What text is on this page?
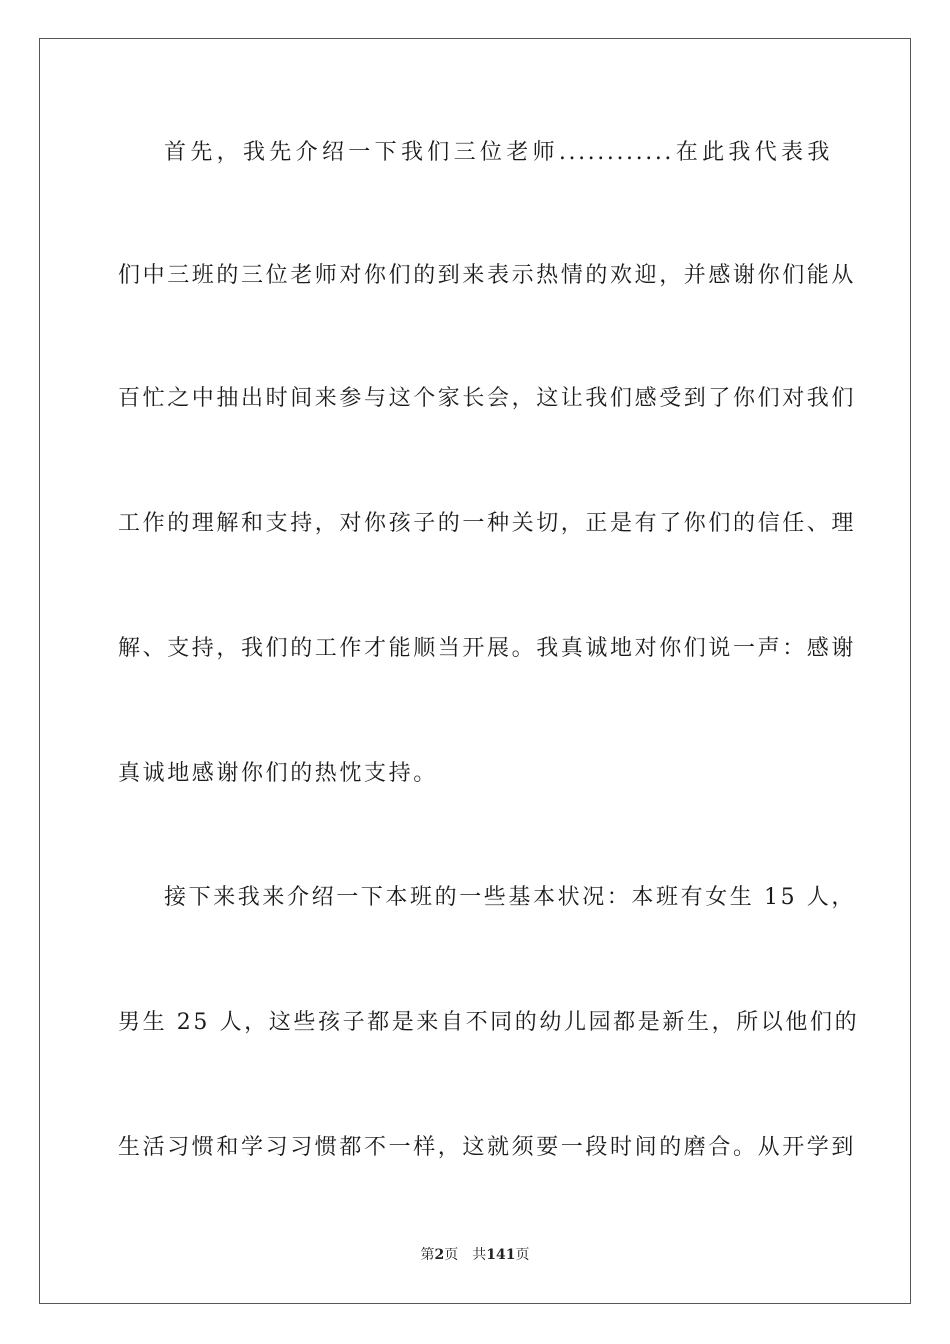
首先，我先介绍一下我们三位老师............在此我代表我
们中三班的三位老师对你们的到来表示热情的欢迎，并感谢你们能从
百忙之中抽出时间来参与这个家长会，这让我们感受到了你们对我们
工作的理解和支持，对你孩子的一种关切，正是有了你们的信任、理
解、支持，我们的工作才能顺当开展。我真诚地对你们说一声：感谢
真诚地感谢你们的热忱支持。
接下来我来介绍一下本班的一些基本状况：本班有女生 15 人，
男生 25 人，这些孩子都是来自不同的幼儿园都是新生，所以他们的
生活习惯和学习习惯都不一样，这就须要一段时间的磨合。从开学到
第2页 共141页
